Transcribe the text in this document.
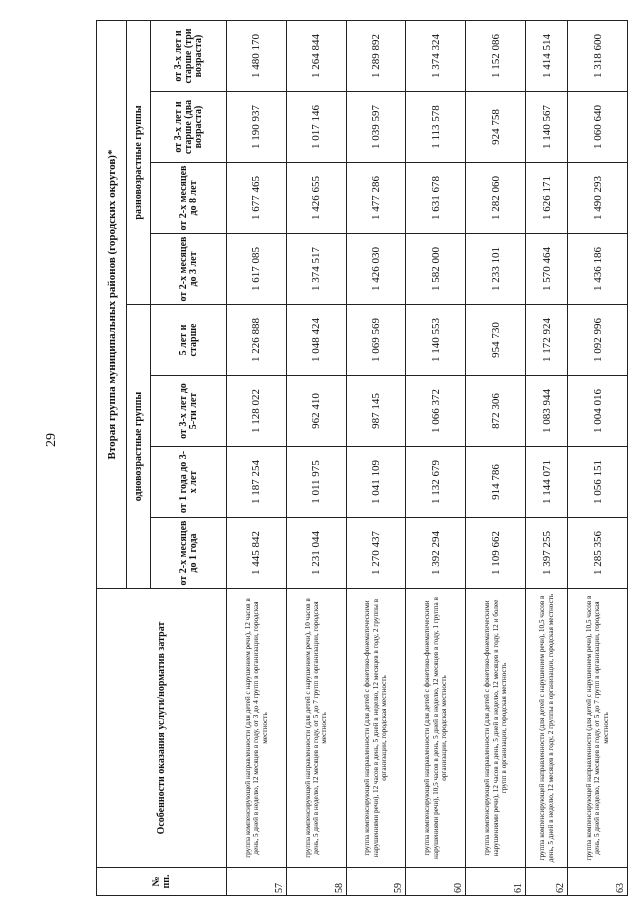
29
№ пп.	Особенности оказания услуги/норматив затрат	Вторая группа муниципальных районов (городских округов)*							
		одновозрастные группы				разновозрастные группы			
		от 2-х месяцев до 1 года	от 1 года до 3-х лет	от 3-х лет до 5-ти лет	5 лет и старше	от 2-х месяцев до 3 лет	от 2-х месяцев до 8 лет	от 3-х лет и старше (два возраста)	от 3-х лет и старше (три возраста)
57	группа компенсирующей направленности (для детей с нарушением речи), 12 часов в день, 5 дней в неделю, 12 месяцев в году, от 3 до 4 групп в организации, городская местность	1 445 842	1 187 254	1 128 022	1 226 888	1 617 085	1 677 465	1 190 937	1 480 170
58	группа компенсирующей направленности (для детей с нарушением речи), 10 часов в день, 5 дней в неделю, 12 месяцев в году, от 5 до 7 групп в организации, городская местность	1 231 044	1 011 975	962 410	1 048 424	1 374 517	1 426 655	1 017 146	1 264 844
59	группа компенсирующей направленности (для детей с фонетико-фонематическими нарушениями речи), 12 часов в день, 5 дней в неделю, 12 месяцев в году, 2 группы в организации, городская местность	1 270 437	1 041 109	987 145	1 069 569	1 426 030	1 477 286	1 039 597	1 289 892
60	группа компенсирующей направленности (для детей с фонетико-фонематическими нарушениями речи), 10,5 часов в день, 5 дней в неделю, 12 месяцев в году, 1 группа в организации, городская местность	1 392 294	1 132 679	1 066 372	1 140 553	1 582 000	1 631 678	1 113 578	1 374 324
61	группа компенсирующей направленности (для детей с фонетико-фонематическими нарушениями речи), 12 часов в день, 5 дней в неделю, 12 месяцев в году, 12 и более групп в организации, городская местность	1 109 662	914 786	872 306	954 730	1 233 101	1 282 060	924 758	1 152 086
62	группа компенсирующей направленности (для детей с нарушением речи), 10,5 часов в день, 5 дней в неделю, 12 месяцев в году, 2 группы в организации, городская местность	1 397 255	1 144 071	1 083 944	1 172 924	1 570 464	1 626 171	1 140 567	1 414 514
63	группа компенсирующей направленности (для детей с нарушением речи), 10,5 часов в день, 5 дней в неделю, 12 месяцев в году, от 5 до 7 групп в организации, городская местность	1 285 356	1 056 151	1 004 016	1 092 996	1 436 186	1 490 293	1 060 640	1 318 600
